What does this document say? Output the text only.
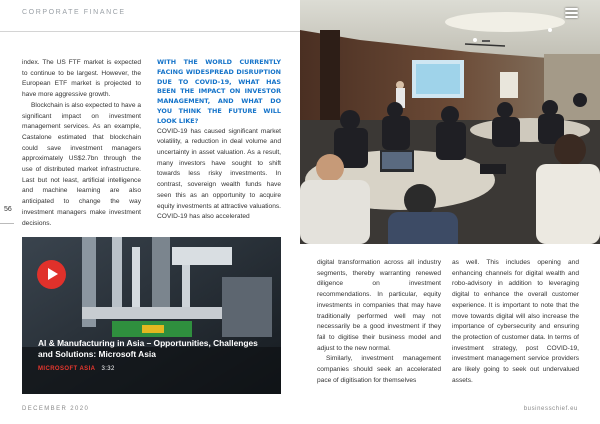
CORPORATE FINANCE
56

index. The US FTF market is expected to continue to be largest. However, the European ETF market is projected to have more aggressive growth.

Blockchain is also expected to have a significant impact on investment management services. As an example, Castalone estimated that blockchain could save investment managers approximately US$2.7bn through the use of distributed market infrastructure. Last but not least, artificial intelligence and machine learning are also anticipated to change the way investment managers make investment decisions.

WITH THE WORLD CURRENTLY FACING WIDESPREAD DISRUPTION DUE TO COVID-19, WHAT HAS BEEN THE IMPACT ON INVESTOR MANAGEMENT, AND WHAT DO YOU THINK THE FUTURE WILL LOOK LIKE?

COVID-19 has caused significant market volatility, a reduction in deal volume and uncertainty in asset valuation. As a result, many investors have sought to shift towards less risky investments. In contrast, sovereign wealth funds have seen this as an opportunity to acquire equity investments at attractive valuations. COVID-19 has also accelerated

AI & Manufacturing in Asia – Opportunities, Challenges and Solutions: Microsoft Asia
MICROSOFT ASIA 3:32

digital transformation across all industry segments, thereby warranting renewed diligence on investment recommendations. In particular, equity investments in companies that may have traditionally performed well may not necessarily be a good investment if they fail to digitise their business model and adjust to the new normal.

Similarly, investment management companies should seek an accelerated pace of digitisation for themselves

as well. This includes opening and enhancing channels for digital wealth and robo-advisory in addition to leveraging digital to enhance the overall customer experience. It is important to note that the move towards digital will also increase the importance of cybersecurity and ensuring the protection of customer data. In terms of investment strategy, post COVID-19, investment management service providers are likely going to seek out undervalued assets.

DECEMBER 2020	businesschief.eu
